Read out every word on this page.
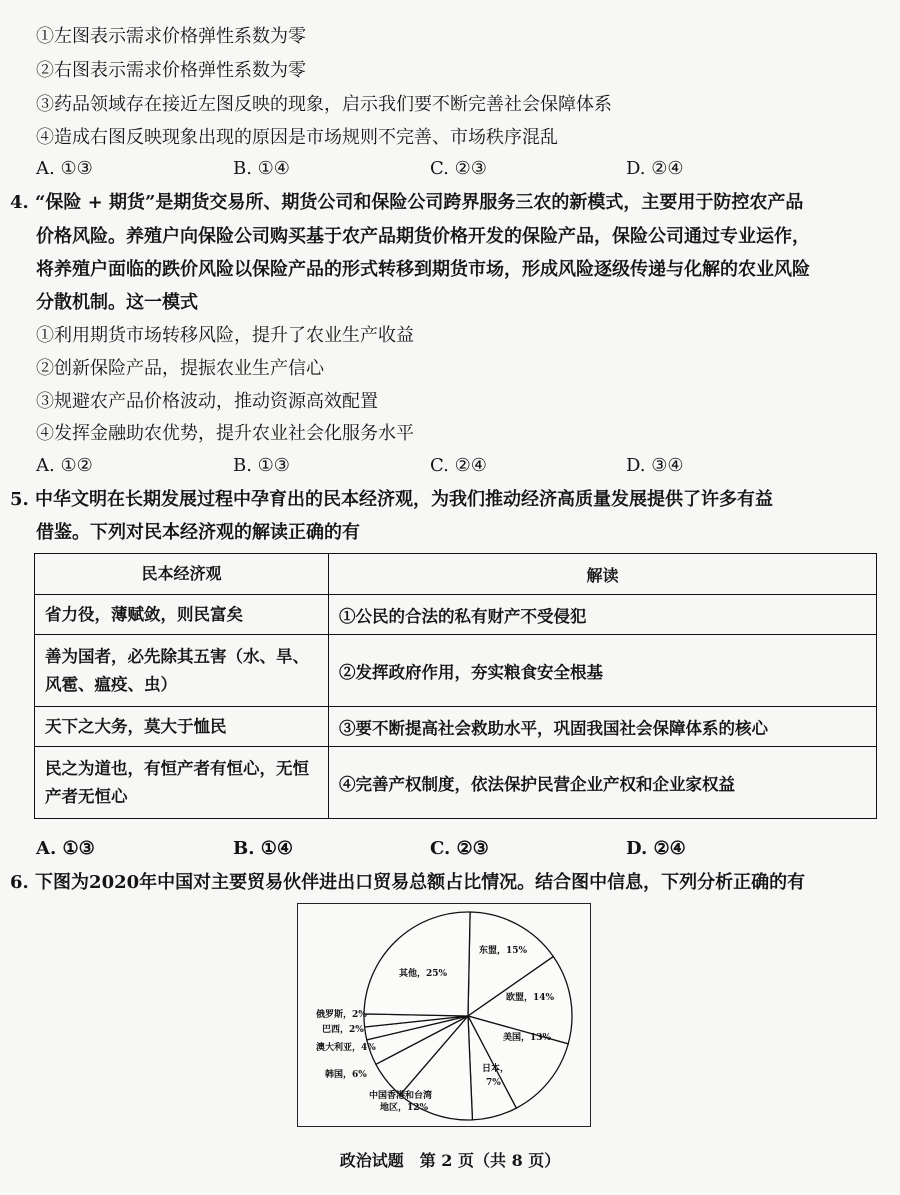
①左图表示需求价格弹性系数为零
②右图表示需求价格弹性系数为零
③药品领域存在接近左图反映的现象，启示我们要不断完善社会保障体系
④造成右图反映现象出现的原因是市场规则不完善、市场秩序混乱
A. ①③	B. ①④	C. ②③	D. ②④
4. “保险 + 期货”是期货交易所、期货公司和保险公司跨界服务三农的新模式，主要用于防控农产品
价格风险。养殖户向保险公司购买基于农产品期货价格开发的保险产品，保险公司通过专业运作，
将养殖户面临的跌价风险以保险产品的形式转移到期货市场，形成风险逐级传递与化解的农业风险
分散机制。这一模式
①利用期货市场转移风险，提升了农业生产收益
②创新保险产品，提振农业生产信心
③规避农产品价格波动，推动资源高效配置
④发挥金融助农优势，提升农业社会化服务水平
A. ①②	B. ①③	C. ②④	D. ③④
5. 中华文明在长期发展过程中孕育出的民本经济观，为我们推动经济高质量发展提供了许多有益
借鉴。下列对民本经济观的解读正确的有
民本经济观	解读
省力役，薄赋敛，则民富矣	①公民的合法的私有财产不受侵犯
善为国者，必先除其五害（水、旱、风雹、瘟疫、虫）	②发挥政府作用，夯实粮食安全根基
天下之大务，莫大于恤民	③要不断提高社会救助水平，巩固我国社会保障体系的核心
民之为道也，有恒产者有恒心，无恒产者无恒心	④完善产权制度，依法保护民营企业产权和企业家权益
A. ①③	B. ①④	C. ②③	D. ②④
6. 下图为2020年中国对主要贸易伙伴进出口贸易总额占比情况。结合图中信息，下列分析正确的有
东盟，15%
欧盟，14%
美国，13%
日本，
7%
中国香港和台湾
地区，12%
韩国，6%
澳大利亚，4%
巴西，2%
俄罗斯，2%
其他，25%
政治试题　第 2 页（共 8 页）
